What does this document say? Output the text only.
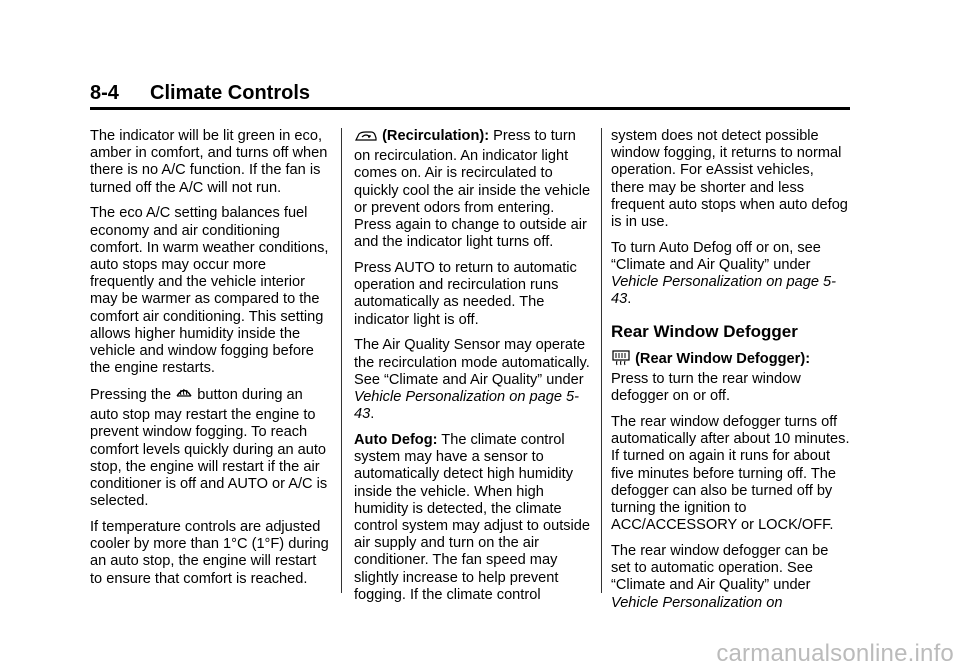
8-4 Climate Controls

The indicator will be lit green in eco, amber in comfort, and turns off when there is no A/C function. If the fan is turned off the A/C will not run.

The eco A/C setting balances fuel economy and air conditioning comfort. In warm weather conditions, auto stops may occur more frequently and the vehicle interior may be warmer as compared to the comfort air conditioning. This setting allows higher humidity inside the vehicle and window fogging before the engine restarts.

Pressing the button during an auto stop may restart the engine to prevent window fogging. To reach comfort levels quickly during an auto stop, the engine will restart if the air conditioner is off and AUTO or A/C is selected.

If temperature controls are adjusted cooler by more than 1°C (1°F) during an auto stop, the engine will restart to ensure that comfort is reached.

(Recirculation): Press to turn on recirculation. An indicator light comes on. Air is recirculated to quickly cool the air inside the vehicle or prevent odors from entering. Press again to change to outside air and the indicator light turns off.

Press AUTO to return to automatic operation and recirculation runs automatically as needed. The indicator light is off.

The Air Quality Sensor may operate the recirculation mode automatically. See “Climate and Air Quality” under Vehicle Personalization on page 5-43.

Auto Defog: The climate control system may have a sensor to automatically detect high humidity inside the vehicle. When high humidity is detected, the climate control system may adjust to outside air supply and turn on the air conditioner. The fan speed may slightly increase to help prevent fogging. If the climate control

system does not detect possible window fogging, it returns to normal operation. For eAssist vehicles, there may be shorter and less frequent auto stops when auto defog is in use.

To turn Auto Defog off or on, see “Climate and Air Quality” under Vehicle Personalization on page 5-43.

Rear Window Defogger

(Rear Window Defogger): Press to turn the rear window defogger on or off.

The rear window defogger turns off automatically after about 10 minutes. If turned on again it runs for about five minutes before turning off. The defogger can also be turned off by turning the ignition to ACC/ACCESSORY or LOCK/OFF.

The rear window defogger can be set to automatic operation. See “Climate and Air Quality” under Vehicle Personalization on

carmanualsonline.info
